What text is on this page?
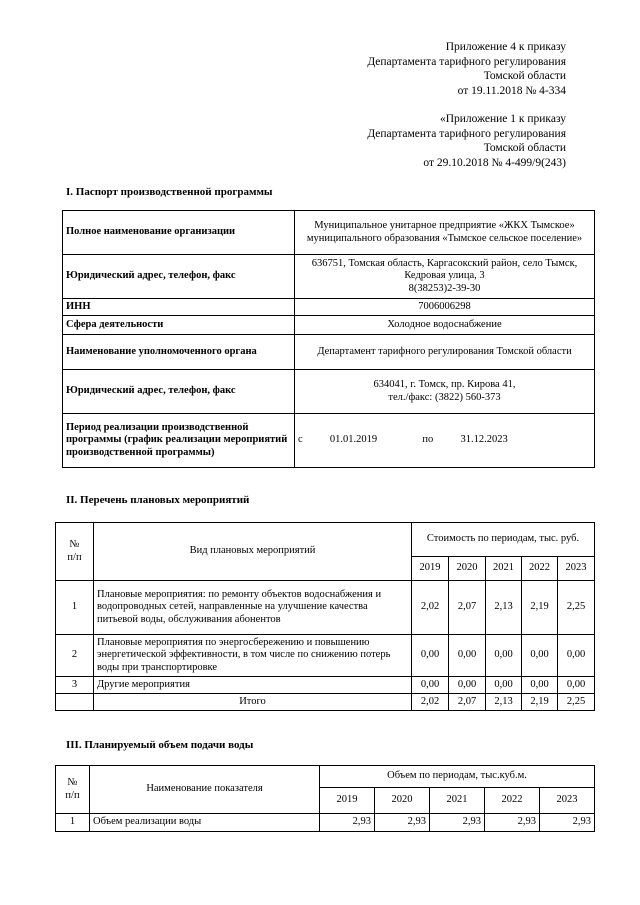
Приложение 4 к приказу
Департамента тарифного регулирования
Томской области
от 19.11.2018 № 4-334
«Приложение 1 к приказу
Департамента тарифного регулирования
Томской области
от 29.10.2018 № 4-499/9(243)
I. Паспорт производственной программы
Полное наименование организации	Муниципальное унитарное предприятие «ЖКХ Тымское» муниципального образования «Тымское сельское поселение»
Юридический адрес, телефон, факс	636751, Томская область, Каргасокский район, село Тымск, Кедровая улица, 3
8(38253)2-39-30
ИНН	7006006298
Сфера деятельности	Холодное водоснабжение
Наименование уполномоченного органа	Департамент тарифного регулирования Томской области
Юридический адрес, телефон, факс	634041, г. Томск, пр. Кирова 41,
тел./факс: (3822) 560-373
Период реализации производственной программы (график реализации мероприятий производственной программы)	с 01.01.2019 по 31.12.2023
II. Перечень плановых мероприятий
№
п/п	Вид плановых мероприятий	Стоимость по периодам, тыс. руб.				
		2019	2020	2021	2022	2023
1	Плановые мероприятия: по ремонту объектов водоснабжения и водопроводных сетей, направленные на улучшение качества питьевой воды, обслуживания абонентов	2,02	2,07	2,13	2,19	2,25
2	Плановые мероприятия по энергосбережению и повышению энергетической эффективности, в том числе по снижению потерь воды при транспортировке	0,00	0,00	0,00	0,00	0,00
3	Другие мероприятия	0,00	0,00	0,00	0,00	0,00
	Итого	2,02	2,07	2,13	2,19	2,25
III. Планируемый объем подачи воды
№
п/п	Наименование показателя	Объем по периодам, тыс.куб.м.				
		2019	2020	2021	2022	2023
1	Объем реализации воды	2,93	2,93	2,93	2,93	2,93
